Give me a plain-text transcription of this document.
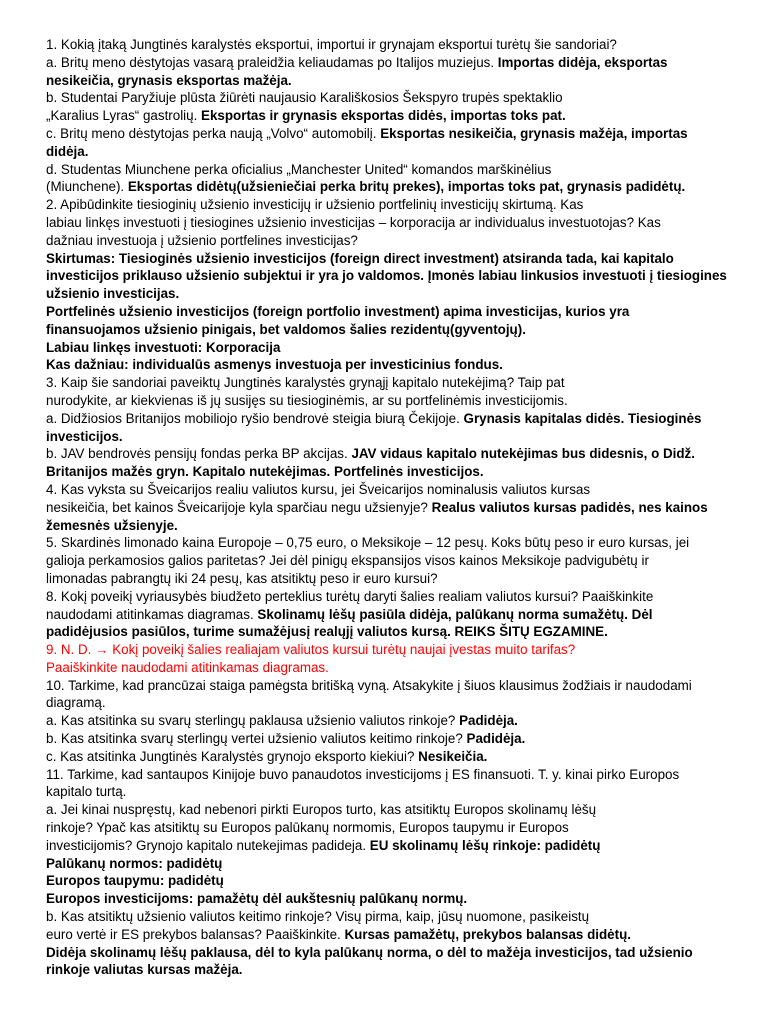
1. Kokią įtaką Jungtinės karalystės eksportui, importui ir grynajam eksportui turėtų šie sandoriai?
a. Britų meno dėstytojas vasarą praleidžia keliaudamas po Italijos muziejus. Importas didėja, eksportas
nesikeičia, grynasis eksportas mažėja.
b. Studentai Paryžiuje plūsta žiūrėti naujausio Karališkosios Šekspyro trupės spektaklio
„Karalius Lyras“ gastrolių. Eksportas ir grynasis eksportas didės, importas toks pat.
c. Britų meno dėstytojas perka naują „Volvo“ automobilį. Eksportas nesikeičia, grynasis mažėja, importas
didėja.
d. Studentas Miunchene perka oficialius „Manchester United“ komandos marškinėlius
(Miunchene). Eksportas didėtų(užsieniečiai perka britų prekes), importas toks pat, grynasis padidėtų.
2. Apibūdinkite tiesioginių užsienio investicijų ir užsienio portfelinių investicijų skirtumą. Kas
labiau linkęs investuoti į tiesiogines užsienio investicijas – korporacija ar individualus investuotojas? Kas
dažniau investuoja į užsienio portfelines investicijas?
Skirtumas: Tiesioginės užsienio investicijos (foreign direct investment) atsiranda tada, kai kapitalo
investicijos priklauso užsienio subjektui ir yra jo valdomos. Įmonės labiau linkusios investuoti į tiesiogines
užsienio investicijas.
Portfelinės užsienio investicijos (foreign portfolio investment) apima investicijas, kurios yra
finansuojamos užsienio pinigais, bet valdomos šalies rezidentų(gyventojų).
Labiau linkęs investuoti: Korporacija
Kas dažniau: individualūs asmenys investuoja per investicinius fondus.
3. Kaip šie sandoriai paveiktų Jungtinės karalystės grynąjį kapitalo nutekėjimą? Taip pat
nurodykite, ar kiekvienas iš jų susijęs su tiesioginėmis, ar su portfelinėmis investicijomis.
a. Didžiosios Britanijos mobiliojo ryšio bendrovė steigia biurą Čekijoje. Grynasis kapitalas didės. Tiesioginės
investicijos.
b. JAV bendrovės pensijų fondas perka BP akcijas. JAV vidaus kapitalo nutekėjimas bus didesnis, o Didž.
Britanijos mažės gryn. Kapitalo nutekėjimas. Portfelinės investicijos.
4. Kas vyksta su Šveicarijos realiu valiutos kursu, jei Šveicarijos nominalusis valiutos kursas
nesikeičia, bet kainos Šveicarijoje kyla sparčiau negu užsienyje? Realus valiutos kursas padidės, nes kainos
žemesnės užsienyje.
5. Skardinės limonado kaina Europoje – 0,75 euro, o Meksikoje – 12 pesų. Koks būtų peso ir euro kursas, jei
galioja perkamosios galios paritetas? Jei dėl pinigų ekspansijos visos kainos Meksikoje padvigubėtų ir
limonadas pabrangtų iki 24 pesų, kas atsitiktų peso ir euro kursui?
8. Kokį poveikį vyriausybės biudžeto perteklius turėtų daryti šalies realiam valiutos kursui? Paaiškinkite
naudodami atitinkamas diagramas. Skolinamų lėšų pasiūla didėja, palūkanų norma sumažėtų. Dėl
padidėjusios pasiūlos, turime sumažėjusį realųjį valiutos kursą. REIKS ŠITŲ EGZAMINE.
9. N. D. → Kokį poveikį šalies realiajam valiutos kursui turėtų naujai įvestas muito tarifas?
Paaiškinkite naudodami atitinkamas diagramas.
10. Tarkime, kad prancūzai staiga pamėgsta britišką vyną. Atsakykite į šiuos klausimus žodžiais ir naudodami
diagramą.
a. Kas atsitinka su svarų sterlingų paklausa užsienio valiutos rinkoje? Padidėja.
b. Kas atsitinka svarų sterlingų vertei užsienio valiutos keitimo rinkoje? Padidėja.
c. Kas atsitinka Jungtinės Karalystės grynojo eksporto kiekiui? Nesikeičia.
11. Tarkime, kad santaupos Kinijoje buvo panaudotos investicijoms į ES finansuoti. T. y. kinai pirko Europos
kapitalo turtą.
a. Jei kinai nuspręstų, kad nebenori pirkti Europos turto, kas atsitiktų Europos skolinamų lėšų
rinkoje? Ypač kas atsitiktų su Europos palūkanų normomis, Europos taupymu ir Europos
investicijomis? Grynojo kapitalo nutekejimas padideja. EU skolinamų lėšų rinkoje: padidėtų
Palūkanų normos: padidėtų
Europos taupymu: padidėtų
Europos investicijoms: pamažėtų dėl aukštesnių palūkanų normų.
b. Kas atsitiktų užsienio valiutos keitimo rinkoje? Visų pirma, kaip, jūsų nuomone, pasikeistų
euro vertė ir ES prekybos balansas? Paaiškinkite. Kursas pamažėtų, prekybos balansas didėtų.
Didėja skolinamų lėšų paklausa, dėl to kyla palūkanų norma, o dėl to mažėja investicijos, tad užsienio
rinkoje valiutas kursas mažėja.
